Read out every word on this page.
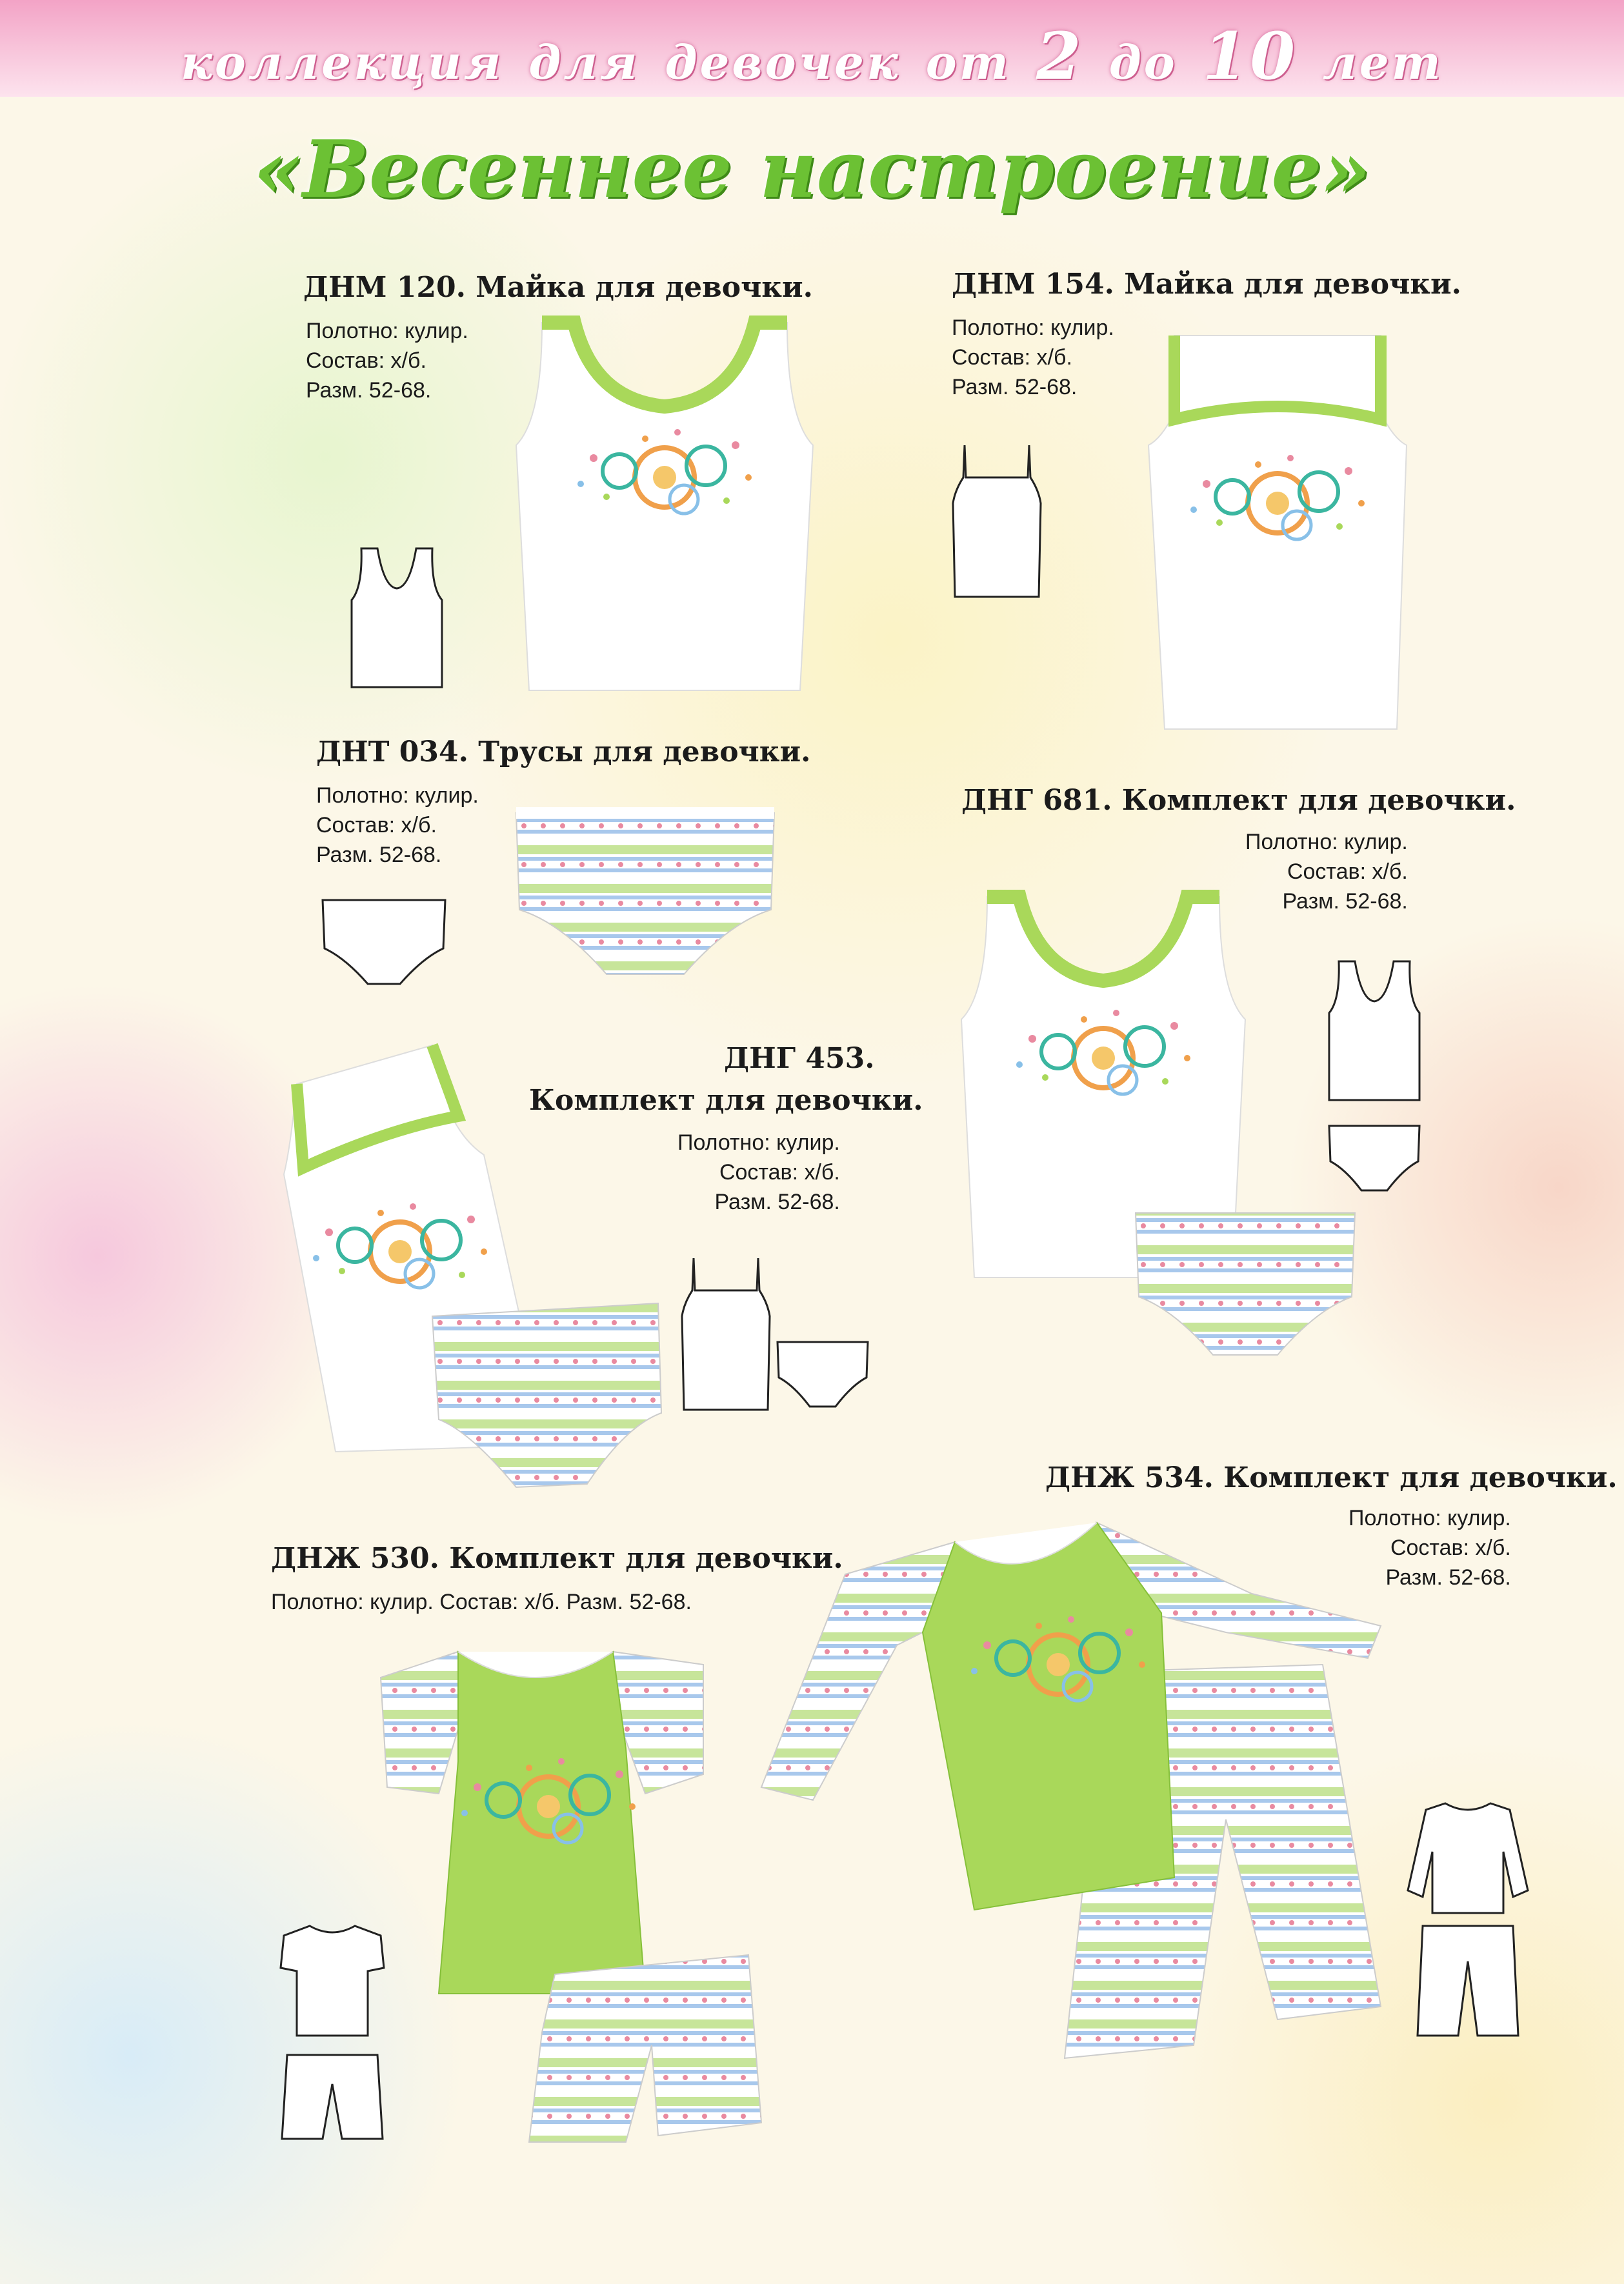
коллекция для девочек от 2 до 10 лет
«Весеннее настроение»
ДНМ 120. Майка для девочки.
Полотно: кулир.
Состав: х/б.
Разм. 52-68.
ДНМ 154. Майка для девочки.
Полотно: кулир.
Состав: х/б.
Разм. 52-68.
ДНТ 034. Трусы для девочки.
Полотно: кулир.
Состав: х/б.
Разм. 52-68.
ДНГ 681. Комплект для девочки.
Полотно: кулир.
Состав: х/б.
Разм. 52-68.
ДНГ 453.
Комплект для девочки.
Полотно: кулир.
Состав: х/б.
Разм. 52-68.
ДНЖ 534. Комплект для девочки.
Полотно: кулир.
Состав: х/б.
Разм. 52-68.
ДНЖ 530. Комплект для девочки.
Полотно: кулир. Состав: х/б. Разм. 52-68.
